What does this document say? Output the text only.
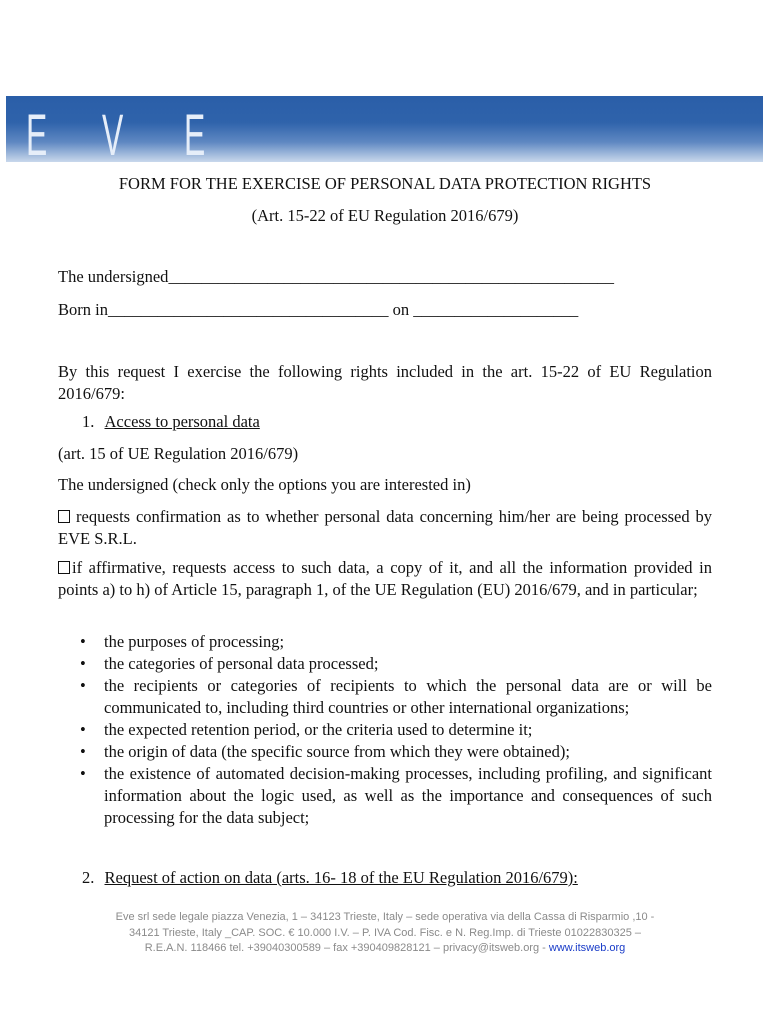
E V E
FORM FOR THE EXERCISE OF PERSONAL DATA PROTECTION RIGHTS
(Art. 15-22 of EU Regulation 2016/679)
The undersigned______________________________________________________
Born in__________________________________ on ____________________
By this request I exercise the following rights included in the art. 15-22 of EU Regulation 2016/679:
1. Access to personal data
(art. 15 of UE Regulation 2016/679)
The undersigned (check only the options you are interested in)
requests confirmation as to whether personal data concerning him/her are being processed by EVE S.R.L.
if affirmative, requests access to such data, a copy of it, and all the information provided in points a) to h) of Article 15, paragraph 1, of the UE Regulation (EU) 2016/679, and in particular;
• the purposes of processing;
• the categories of personal data processed;
• the recipients or categories of recipients to which the personal data are or will be communicated to, including third countries or other international organizations;
• the expected retention period, or the criteria used to determine it;
• the origin of data (the specific source from which they were obtained);
• the existence of automated decision-making processes, including profiling, and significant information about the logic used, as well as the importance and consequences of such processing for the data subject;
2. Request of action on data (arts. 16- 18 of the EU Regulation 2016/679):
Eve srl sede legale piazza Venezia, 1 – 34123 Trieste, Italy – sede operativa via della Cassa di Risparmio ,10 -
34121 Trieste, Italy _CAP. SOC. € 10.000 I.V. – P. IVA Cod. Fisc. e N. Reg.Imp. di Trieste 01022830325 –
R.E.A.N. 118466 tel. +39040300589 – fax +390409828121 – privacy@itsweb.org - www.itsweb.org
